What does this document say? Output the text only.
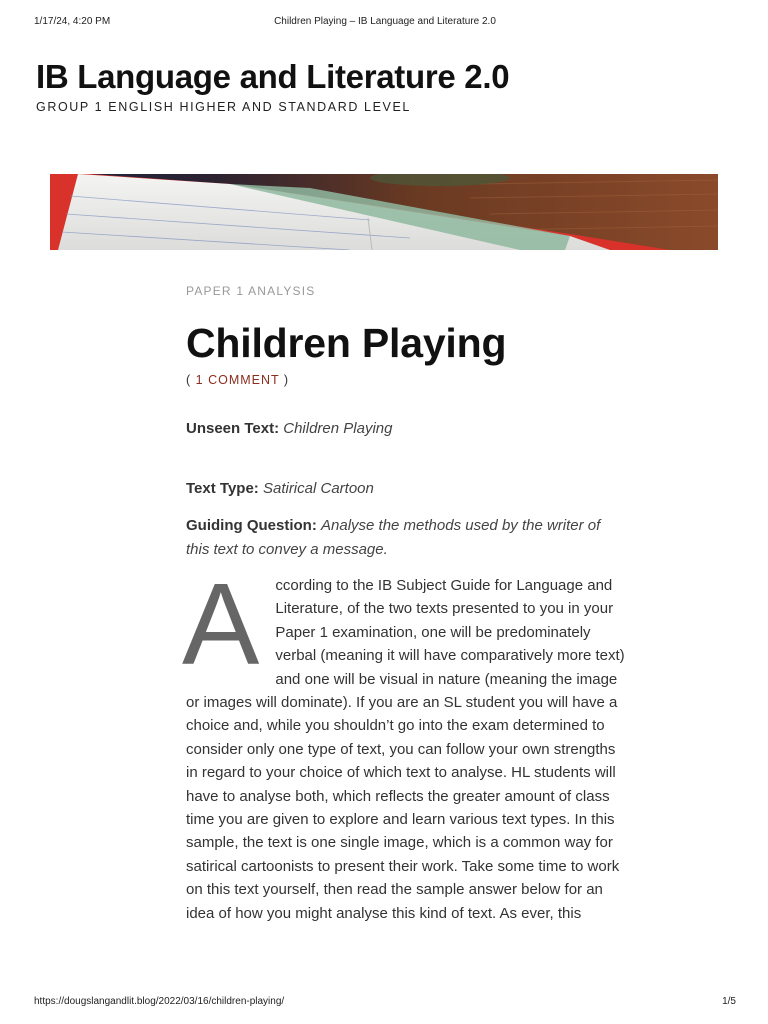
1/17/24, 4:20 PM	Children Playing – IB Language and Literature 2.0
IB Language and Literature 2.0
GROUP 1 ENGLISH HIGHER AND STANDARD LEVEL
PAPER 1 ANALYSIS
Children Playing
( 1 COMMENT )
Unseen Text: Children Playing
Text Type: Satirical Cartoon
Guiding Question: Analyse the methods used by the writer of this text to convey a message.
A	ccording to the IB Subject Guide for Language and Literature, of the two texts presented to you in your Paper 1 examination, one will be predominately verbal (meaning it will have comparatively more text) and one will be visual in nature (meaning the image or images will dominate). If you are an SL student you will have a choice and, while you shouldn’t go into the exam determined to consider only one type of text, you can follow your own strengths in regard to your choice of which text to analyse. HL students will have to analyse both, which reflects the greater amount of class time you are given to explore and learn various text types. In this sample, the text is one single image, which is a common way for satirical cartoonists to present their work. Take some time to work on this text yourself, then read the sample answer below for an idea of how you might analyse this kind of text. As ever, this

https://dougslangandlit.blog/2022/03/16/children-playing/	1/5
